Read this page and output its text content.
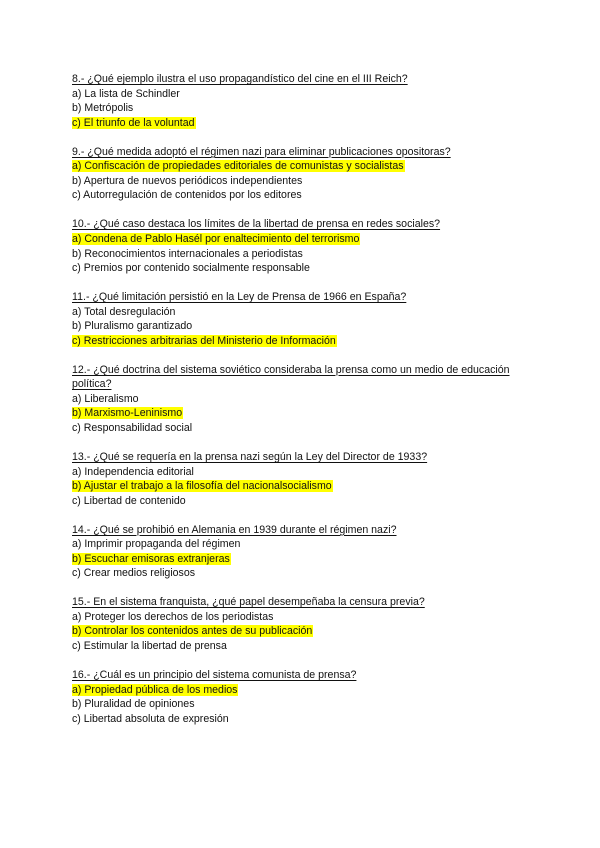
8.- ¿Qué ejemplo ilustra el uso propagandístico del cine en el III Reich?
a) La lista de Schindler
b) Metrópolis
c) El triunfo de la voluntad
9.- ¿Qué medida adoptó el régimen nazi para eliminar publicaciones opositoras?
a) Confiscación de propiedades editoriales de comunistas y socialistas
b) Apertura de nuevos periódicos independientes
c) Autorregulación de contenidos por los editores
10.- ¿Qué caso destaca los límites de la libertad de prensa en redes sociales?
a) Condena de Pablo Hasél por enaltecimiento del terrorismo
b) Reconocimientos internacionales a periodistas
c) Premios por contenido socialmente responsable
11.- ¿Qué limitación persistió en la Ley de Prensa de 1966 en España?
a) Total desregulación
b) Pluralismo garantizado
c) Restricciones arbitrarias del Ministerio de Información
12.- ¿Qué doctrina del sistema soviético consideraba la prensa como un medio de educación política?
a) Liberalismo
b) Marxismo-Leninismo
c) Responsabilidad social
13.- ¿Qué se requería en la prensa nazi según la Ley del Director de 1933?
a) Independencia editorial
b) Ajustar el trabajo a la filosofía del nacionalsocialismo
c) Libertad de contenido
14.- ¿Qué se prohibió en Alemania en 1939 durante el régimen nazi?
a) Imprimir propaganda del régimen
b) Escuchar emisoras extranjeras
c) Crear medios religiosos
15.- En el sistema franquista, ¿qué papel desempeñaba la censura previa?
a) Proteger los derechos de los periodistas
b) Controlar los contenidos antes de su publicación
c) Estimular la libertad de prensa
16.- ¿Cuál es un principio del sistema comunista de prensa?
a) Propiedad pública de los medios
b) Pluralidad de opiniones
c) Libertad absoluta de expresión
